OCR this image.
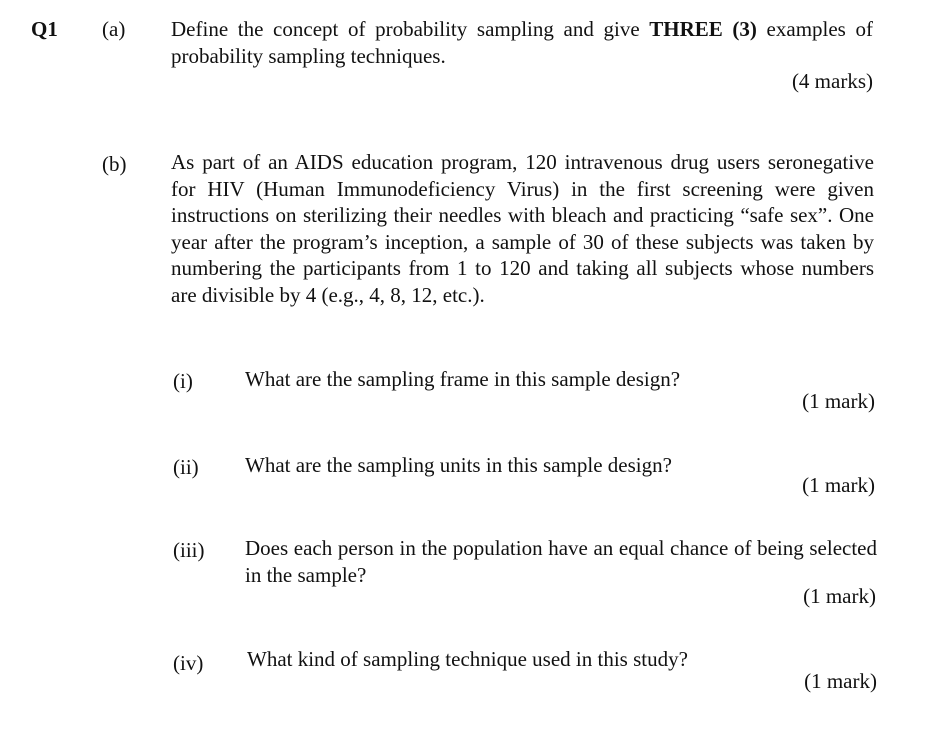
Q1 (a) Define the concept of probability sampling and give THREE (3) examples of probability sampling techniques.
(4 marks)
(b) As part of an AIDS education program, 120 intravenous drug users seronegative for HIV (Human Immunodeficiency Virus) in the first screening were given instructions on sterilizing their needles with bleach and practicing “safe sex”. One year after the program’s inception, a sample of 30 of these subjects was taken by numbering the participants from 1 to 120 and taking all subjects whose numbers are divisible by 4 (e.g., 4, 8, 12, etc.).
(i) What are the sampling frame in this sample design?
(1 mark)
(ii) What are the sampling units in this sample design?
(1 mark)
(iii) Does each person in the population have an equal chance of being selected in the sample?
(1 mark)
(iv) What kind of sampling technique used in this study?
(1 mark)
